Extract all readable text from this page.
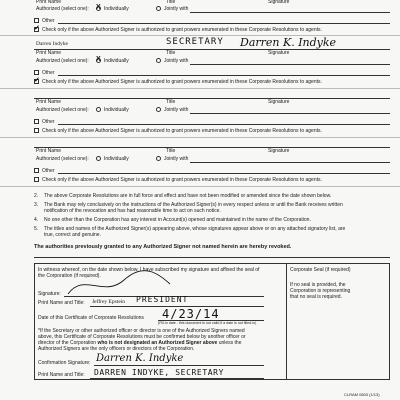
Print Name	Title	Signature
Authorized (select one): X Individually	Jointly with
Other
✓ Check only if the above Authorized Signer is authorized to grant powers enumerated in these Corporate Resolutions to agents.
Darren Indyke	SECRETARY Darren K. Indyke
Print Name	Title	Signature
Authorized (select one): X Individually	Jointly with
Other
✓ Check only if the above Authorized Signer is authorized to grant powers enumerated in these Corporate Resolutions to agents.
Print Name	Title	Signature
Authorized (select one):	Individually	Jointly with
Other
Check only if the above Authorized Signer is authorized to grant powers enumerated in these Corporate Resolutions to agents.
Print Name	Title	Signature
Authorized (select one):	Individually	Jointly with
Other
Check only if the above Authorized Signer is authorized to grant powers enumerated in these Corporate Resolutions to agents.
2. The above Corporate Resolutions are in full force and effect and have not been modified or amended since the date shown below.
3. The Bank may rely conclusively on the instructions of the Authorized Signer(s) in every respect unless or until the Bank receives written
notification of the revocation and has had reasonable time to act on such notice.
4. No one other than the Corporation has any interest in Account(s) opened and maintained in the name of the Corporation.
5. The titles and names of the Authorized Signer(s) appearing above, whose signatures appear above or on any attached signatory list, are
true, correct and genuine.
The authorities previously granted to any Authorized Signer not named herein are hereby revoked.
In witness whereof, on the date shown below, I have subscribed my signature and affixed the seal of
the Corporation (if required).
Signature:
Print Name and Title: Jeffrey Epstein PRESIDENT
Date of this Certificate of Corporate Resolutions 4/23/14
(Fill-in date - this document is not valid if a date is not filled-in)
*If the Secretary or other authorized officer or director is one of the Authorized Signers named
above, this Certificate of Corporate Resolutions must be confirmed below by another officer or
director of the Corporation who is not designated an Authorized Signer above unless the
Authorized Signers are the only officers or directors of the Corporation.
Confirmation Signature: Darren K. Indyke
Print Name and Title: DARREN INDYKE, SECRETARY
Corporate Seal (if required)
If no seal is provided, the
Corporation is representing
that no seal is required.
CLRAM 0803 (1/13)
